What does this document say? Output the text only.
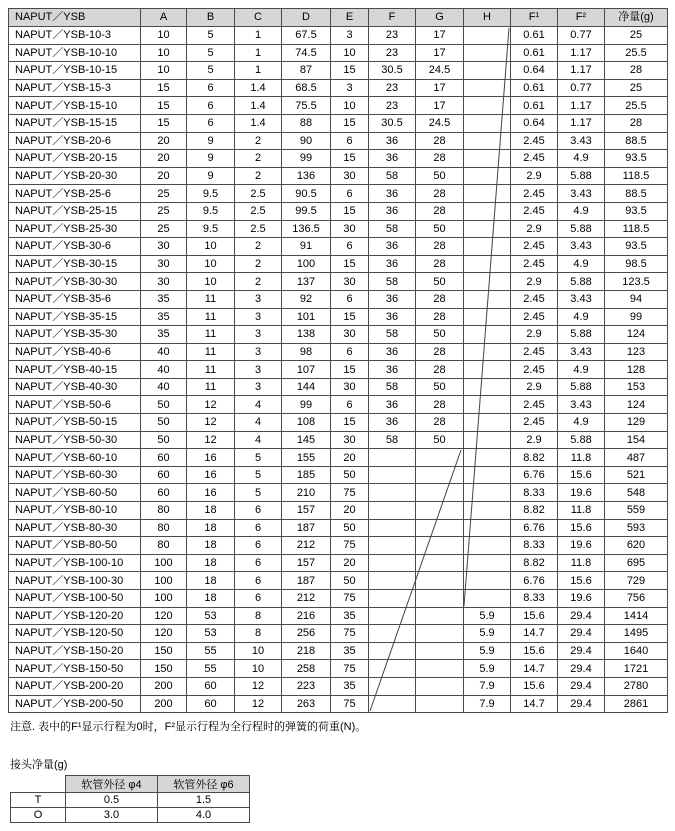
NAPUT／YSB	A	B	C	D	E	F	G	H	F¹	F²	净量(g)
NAPUT／YSB-10-3	10	5	1	67.5	3	23	17		0.61	0.77	25
NAPUT／YSB-10-10	10	5	1	74.5	10	23	17		0.61	1.17	25.5
NAPUT／YSB-10-15	10	5	1	87	15	30.5	24.5		0.64	1.17	28
NAPUT／YSB-15-3	15	6	1.4	68.5	3	23	17		0.61	0.77	25
NAPUT／YSB-15-10	15	6	1.4	75.5	10	23	17		0.61	1.17	25.5
NAPUT／YSB-15-15	15	6	1.4	88	15	30.5	24.5		0.64	1.17	28
NAPUT／YSB-20-6	20	9	2	90	6	36	28		2.45	3.43	88.5
NAPUT／YSB-20-15	20	9	2	99	15	36	28		2.45	4.9	93.5
NAPUT／YSB-20-30	20	9	2	136	30	58	50		2.9	5.88	118.5
NAPUT／YSB-25-6	25	9.5	2.5	90.5	6	36	28		2.45	3.43	88.5
NAPUT／YSB-25-15	25	9.5	2.5	99.5	15	36	28		2.45	4.9	93.5
NAPUT／YSB-25-30	25	9.5	2.5	136.5	30	58	50		2.9	5.88	118.5
NAPUT／YSB-30-6	30	10	2	91	6	36	28		2.45	3.43	93.5
NAPUT／YSB-30-15	30	10	2	100	15	36	28		2.45	4.9	98.5
NAPUT／YSB-30-30	30	10	2	137	30	58	50		2.9	5.88	123.5
NAPUT／YSB-35-6	35	11	3	92	6	36	28		2.45	3.43	94
NAPUT／YSB-35-15	35	11	3	101	15	36	28		2.45	4.9	99
NAPUT／YSB-35-30	35	11	3	138	30	58	50		2.9	5.88	124
NAPUT／YSB-40-6	40	11	3	98	6	36	28		2.45	3.43	123
NAPUT／YSB-40-15	40	11	3	107	15	36	28		2.45	4.9	128
NAPUT／YSB-40-30	40	11	3	144	30	58	50		2.9	5.88	153
NAPUT／YSB-50-6	50	12	4	99	6	36	28		2.45	3.43	124
NAPUT／YSB-50-15	50	12	4	108	15	36	28		2.45	4.9	129
NAPUT／YSB-50-30	50	12	4	145	30	58	50		2.9	5.88	154
NAPUT／YSB-60-10	60	16	5	155	20				8.82	11.8	487
NAPUT／YSB-60-30	60	16	5	185	50				6.76	15.6	521
NAPUT／YSB-60-50	60	16	5	210	75				8.33	19.6	548
NAPUT／YSB-80-10	80	18	6	157	20				8.82	11.8	559
NAPUT／YSB-80-30	80	18	6	187	50				6.76	15.6	593
NAPUT／YSB-80-50	80	18	6	212	75				8.33	19.6	620
NAPUT／YSB-100-10	100	18	6	157	20				8.82	11.8	695
NAPUT／YSB-100-30	100	18	6	187	50				6.76	15.6	729
NAPUT／YSB-100-50	100	18	6	212	75				8.33	19.6	756
NAPUT／YSB-120-20	120	53	8	216	35			5.9	15.6	29.4	1414
NAPUT／YSB-120-50	120	53	8	256	75			5.9	14.7	29.4	1495
NAPUT／YSB-150-20	150	55	10	218	35			5.9	15.6	29.4	1640
NAPUT／YSB-150-50	150	55	10	258	75			5.9	14.7	29.4	1721
NAPUT／YSB-200-20	200	60	12	223	35			7.9	15.6	29.4	2780
NAPUT／YSB-200-50	200	60	12	263	75			7.9	14.7	29.4	2861

注意. 表中的F¹显示行程为0时，F²显示行程为全行程时的弹簧的荷重(N)。

接头净量(g)

	软管外径 φ4	软管外径 φ6
T	0.5	1.5
O	3.0	4.0
